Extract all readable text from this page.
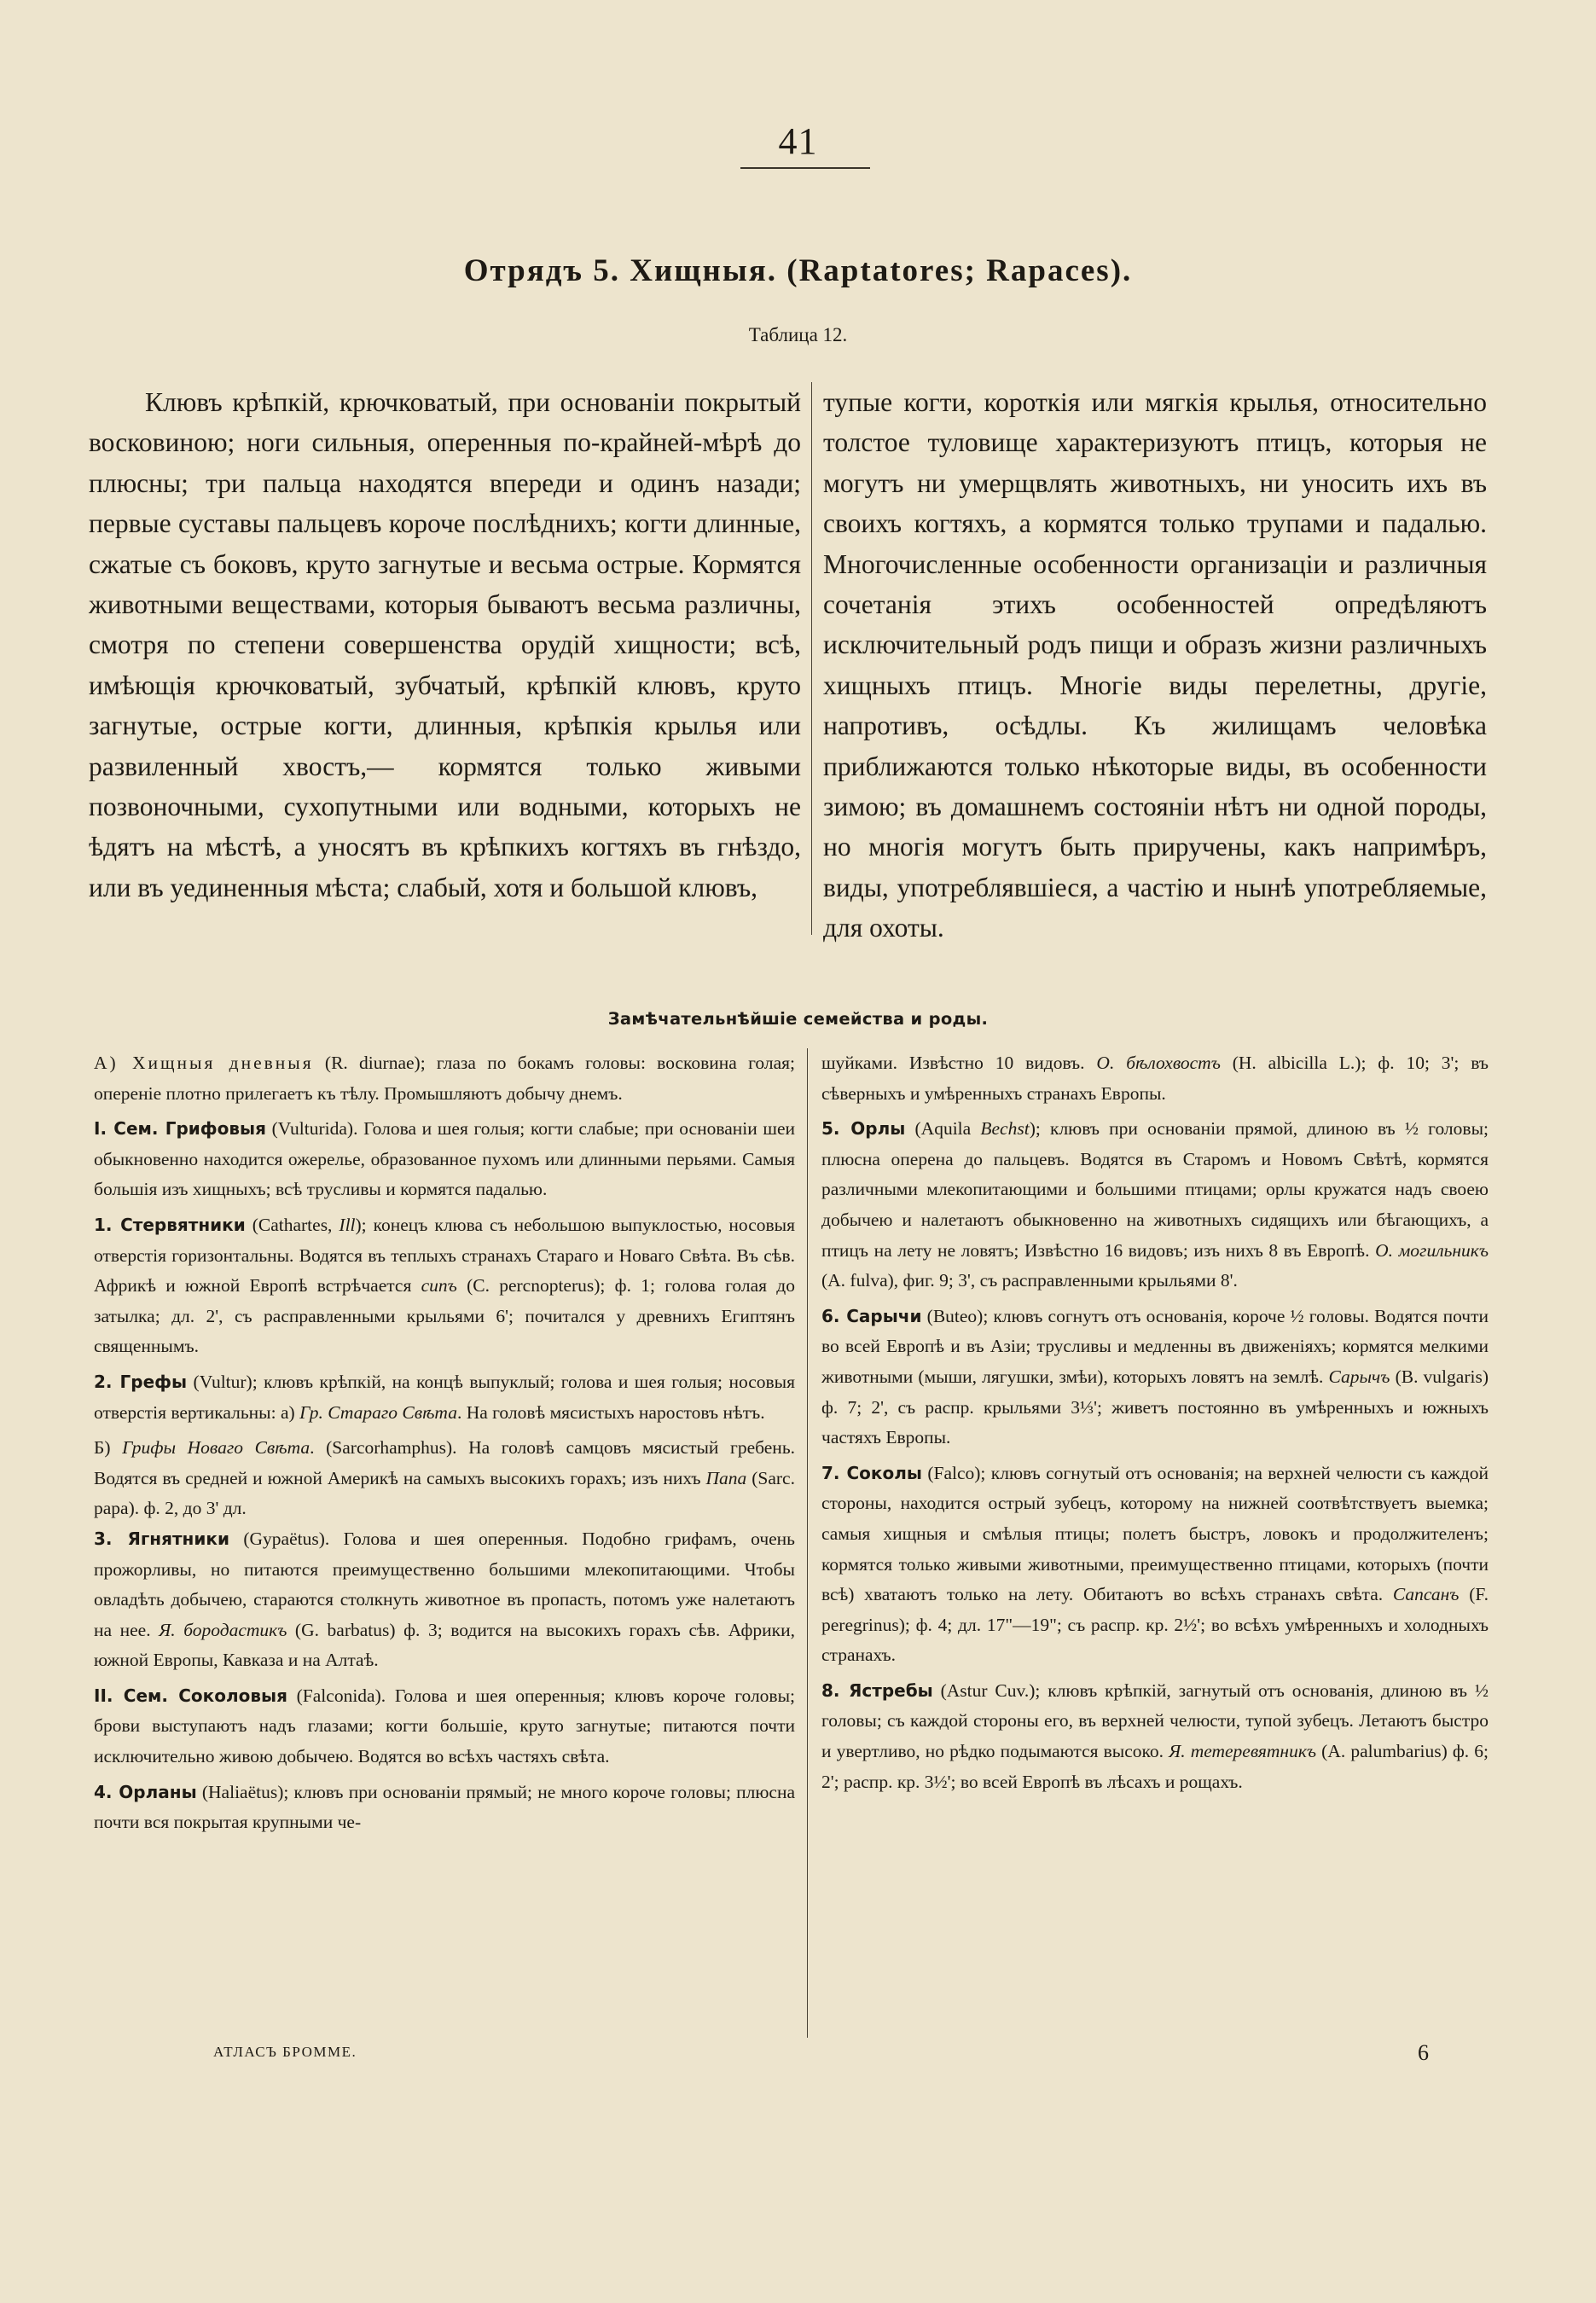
41
Отрядъ 5. Хищныя. (Raptatores; Rapaces).
Таблица 12.
Клювъ крѣпкій, крючковатый, при основаніи покрытый восковиною; ноги сильныя, оперенныя по-крайней-мѣрѣ до плюсны; три пальца находятся впереди и одинъ назади; первые суставы пальцевъ короче послѣднихъ; когти длинные, сжатые съ боковъ, круто загнутые и весьма острые. Кормятся животными веществами, которыя бываютъ весьма различны, смотря по степени совершенства орудій хищности; всѣ, имѣющія крючковатый, зубчатый, крѣпкій клювъ, круто загнутые, острые когти, длинныя, крѣпкія крылья или развиленный хвостъ,— кормятся только живыми позвоночными, сухопутными или водными, которыхъ не ѣдятъ на мѣстѣ, а уносятъ въ крѣпкихъ когтяхъ въ гнѣздо, или въ уединенныя мѣста; слабый, хотя и большой клювъ,
тупые когти, короткія или мягкія крылья, относительно толстое туловище характеризуютъ птицъ, которыя не могутъ ни умерщвлять животныхъ, ни уносить ихъ въ своихъ когтяхъ, а кормятся только трупами и падалью. Многочисленные особенности организаціи и различныя сочетанія этихъ особенностей опредѣляютъ исключительный родъ пищи и образъ жизни различныхъ хищныхъ птицъ. Многіе виды перелетны, другіе, напротивъ, осѣдлы. Къ жилищамъ человѣка приближаются только нѣкоторые виды, въ особенности зимою; въ домашнемъ состояніи нѣтъ ни одной породы, но многія могутъ быть приручены, какъ напримѣръ, виды, употреблявшіеся, а частію и нынѣ употребляемые, для охоты.
Замѣчательнѣйшіе семейства и роды.

А) Хищныя дневныя (R. diurnae); глаза по бокамъ головы: восковина голая; опереніе плотно прилегаетъ къ тѣлу. Промышляютъ добычу днемъ.

I. Сем. Грифовыя (Vulturida). Голова и шея голыя; когти слабые; при основаніи шеи обыкновенно находится ожерелье, образованное пухомъ или длинными перьями. Самыя большія изъ хищныхъ; всѣ трусливы и кормятся падалью.

1. Стервятники (Cathartes, Ill); конецъ клюва съ небольшою выпуклостью, носовыя отверстія горизонтальны. Водятся въ теплыхъ странахъ Стараго и Новаго Свѣта. Въ сѣв. Африкѣ и южной Европѣ встрѣчается сипъ (C. percnopterus); ф. 1; голова голая до затылка; дл. 2', съ расправленными крыльями 6'; почитался у древнихъ Египтянъ священнымъ.

2. Грефы (Vultur); клювъ крѣпкій, на концѣ выпуклый; голова и шея голыя; носовыя отверстія вертикальны: а) Гр. Стараго Свѣта. На головѣ мясистыхъ наростовъ нѣтъ.

Б) Грифы Новаго Свѣта. (Sarcorhamphus). На головѣ самцовъ мясистый гребень. Водятся въ средней и южной Америкѣ на самыхъ высокихъ горахъ; изъ нихъ Папа (Sarc. papa). ф. 2, до 3' дл.

3. Ягнятники (Gypaëtus). Голова и шея оперенныя. Подобно грифамъ, очень прожорливы, но питаются преимущественно большими млекопитающими. Чтобы овладѣть добычею, стараются столкнуть животное въ пропасть, потомъ уже налетаютъ на нее. Я. бородастикъ (G. barbatus) ф. 3; водится на высокихъ горахъ сѣв. Африки, южной Европы, Кавказа и на Алтаѣ.

II. Сем. Соколовыя (Falconida). Голова и шея оперенныя; клювъ короче головы; брови выступаютъ надъ глазами; когти большіе, круто загнутые; питаются почти исключительно живою добычею. Водятся во всѣхъ частяхъ свѣта.

4. Орланы (Haliaëtus); клювъ при основаніи прямый; не много короче головы; плюсна почти вся покрытая крупными че-

шуйками. Извѣстно 10 видовъ. О. бѣлохвостъ (H. albicilla L.); ф. 10; 3'; въ сѣверныхъ и умѣренныхъ странахъ Европы.

5. Орлы (Aquila Bechst); клювъ при основаніи прямой, длиною въ ½ головы; плюсна оперена до пальцевъ. Водятся въ Старомъ и Новомъ Свѣтѣ, кормятся различными млекопитающими и большими птицами; орлы кружатся надъ своею добычею и налетаютъ обыкновенно на животныхъ сидящихъ или бѣгающихъ, а птицъ на лету не ловятъ; Извѣстно 16 видовъ; изъ нихъ 8 въ Европѣ. О. могильникъ (A. fulva), фиг. 9; 3', съ расправленными крыльями 8'.

6. Сарычи (Buteo); клювъ согнутъ отъ основанія, короче ½ головы. Водятся почти во всей Европѣ и въ Азіи; трусливы и медленны въ движеніяхъ; кормятся мелкими животными (мыши, лягушки, змѣи), которыхъ ловятъ на землѣ. Сарычъ (B. vulgaris) ф. 7; 2', съ распр. крыльями 3⅓'; живетъ постоянно въ умѣренныхъ и южныхъ частяхъ Европы.

7. Соколы (Falco); клювъ согнутый отъ основанія; на верхней челюсти съ каждой стороны, находится острый зубецъ, которому на нижней соотвѣтствуетъ выемка; самыя хищныя и смѣлыя птицы; полетъ быстръ, ловокъ и продолжителенъ; кормятся только живыми животными, преимущественно птицами, которыхъ (почти всѣ) хватаютъ только на лету. Обитаютъ во всѣхъ странахъ свѣта. Сапсанъ (F. peregrinus); ф. 4; дл. 17"—19"; съ распр. кр. 2½'; во всѣхъ умѣренныхъ и холодныхъ странахъ.

8. Ястребы (Astur Cuv.); клювъ крѣпкій, загнутый отъ основанія, длиною въ ½ головы; съ каждой стороны его, въ верхней челюсти, тупой зубецъ. Летаютъ быстро и увертливо, но рѣдко подымаются высоко. Я. тетеревятникъ (A. palumbarius) ф. 6; 2'; распр. кр. 3½'; во всей Европѣ въ лѣсахъ и рощахъ.

АТЛАСЪ БРОММЕ.	6
